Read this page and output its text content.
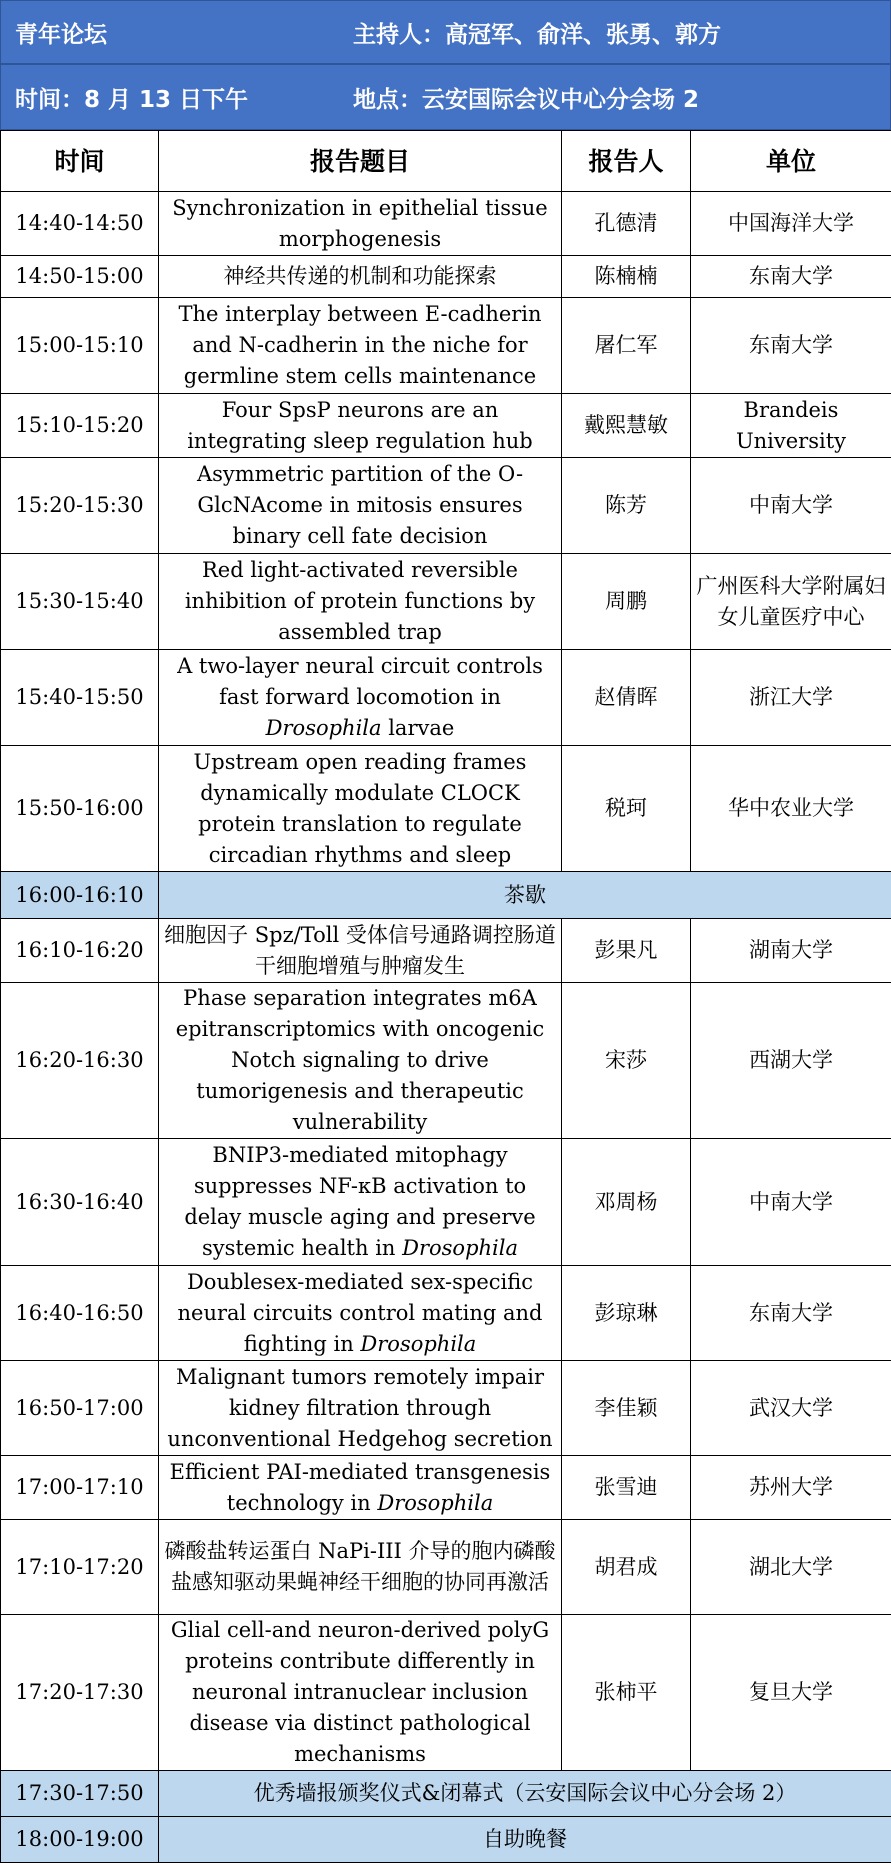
青年论坛	主持人：高冠军、俞洋、张勇、郭方
时间：8 月 13 日下午	地点：云安国际会议中心分会场 2
时间	报告题目	报告人	单位
14:40-14:50	Synchronization in epithelial tissue morphogenesis	孔德清	中国海洋大学
14:50-15:00	神经共传递的机制和功能探索	陈楠楠	东南大学
15:00-15:10	The interplay between E-cadherin and N-cadherin in the niche for germline stem cells maintenance	屠仁军	东南大学
15:10-15:20	Four SpsP neurons are an integrating sleep regulation hub	戴熙慧敏	Brandeis University
15:20-15:30	Asymmetric partition of the O-GlcNAcome in mitosis ensures binary cell fate decision	陈芳	中南大学
15:30-15:40	Red light-activated reversible inhibition of protein functions by assembled trap	周鹏	广州医科大学附属妇女儿童医疗中心
15:40-15:50	A two-layer neural circuit controls fast forward locomotion in Drosophila larvae	赵倩晖	浙江大学
15:50-16:00	Upstream open reading frames dynamically modulate CLOCK protein translation to regulate circadian rhythms and sleep	税珂	华中农业大学
16:00-16:10	茶歇		
16:10-16:20	细胞因子 Spz/Toll 受体信号通路调控肠道干细胞增殖与肿瘤发生	彭果凡	湖南大学
16:20-16:30	Phase separation integrates m6A epitranscriptomics with oncogenic Notch signaling to drive tumorigenesis and therapeutic vulnerability	宋莎	西湖大学
16:30-16:40	BNIP3-mediated mitophagy suppresses NF-κB activation to delay muscle aging and preserve systemic health in Drosophila	邓周杨	中南大学
16:40-16:50	Doublesex-mediated sex-specific neural circuits control mating and fighting in Drosophila	彭琼琳	东南大学
16:50-17:00	Malignant tumors remotely impair kidney filtration through unconventional Hedgehog secretion	李佳颖	武汉大学
17:00-17:10	Efficient PAI-mediated transgenesis technology in Drosophila	张雪迪	苏州大学
17:10-17:20	磷酸盐转运蛋白 NaPi-III 介导的胞内磷酸盐感知驱动果蝇神经干细胞的协同再激活	胡君成	湖北大学
17:20-17:30	Glial cell-and neuron-derived polyG proteins contribute differently in neuronal intranuclear inclusion disease via distinct pathological mechanisms	张柿平	复旦大学
17:30-17:50	优秀墙报颁奖仪式&闭幕式（云安国际会议中心分会场 2）		
18:00-19:00	自助晚餐		
